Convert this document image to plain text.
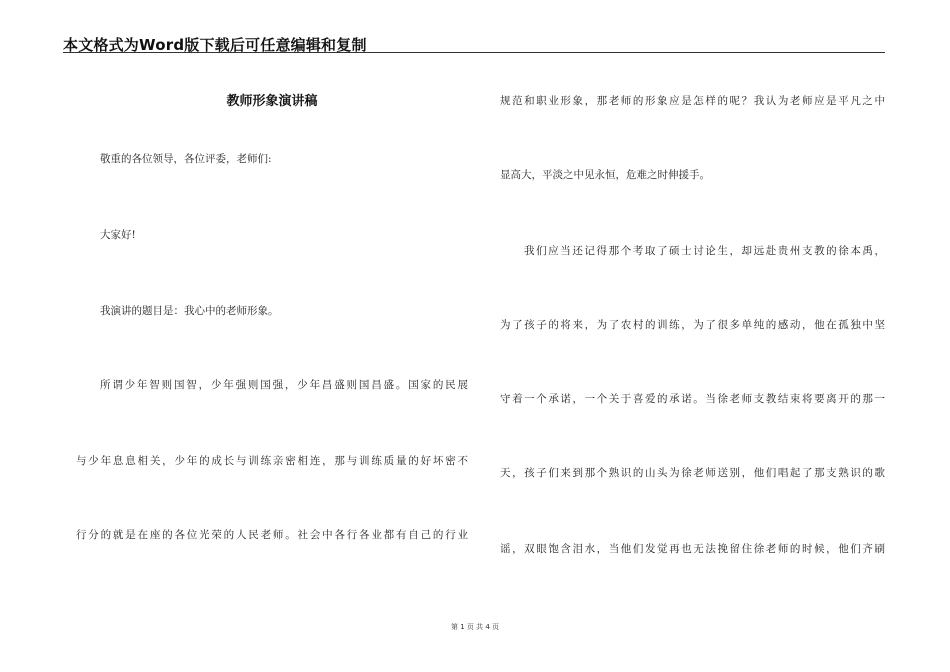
本文格式为Word版下载后可任意编辑和复制
教师形象演讲稿
敬重的各位领导，各位评委，老师们:
大家好!
我演讲的题目是：我心中的老师形象。
所谓少年智则国智，少年强则国强，少年昌盛则国昌盛。国家的民展
与少年息息相关，少年的成长与训练亲密相连，那与训练质量的好坏密不
行分的就是在座的各位光荣的人民老师。社会中各行各业都有自己的行业
规范和职业形象，那老师的形象应是怎样的呢？我认为老师应是平凡之中
显高大，平淡之中见永恒，危难之时伸援手。
我们应当还记得那个考取了硕士讨论生，却远赴贵州支教的徐本禹，
为了孩子的将来，为了农村的训练，为了很多单纯的感动，他在孤独中坚
守着一个承诺，一个关于喜爱的承诺。当徐老师支教结束将要离开的那一
天，孩子们来到那个熟识的山头为徐老师送别，他们唱起了那支熟识的歌
谣，双眼饱含泪水，当他们发觉再也无法挽留住徐老师的时候，他们齐刷
第 1 页 共 4 页
